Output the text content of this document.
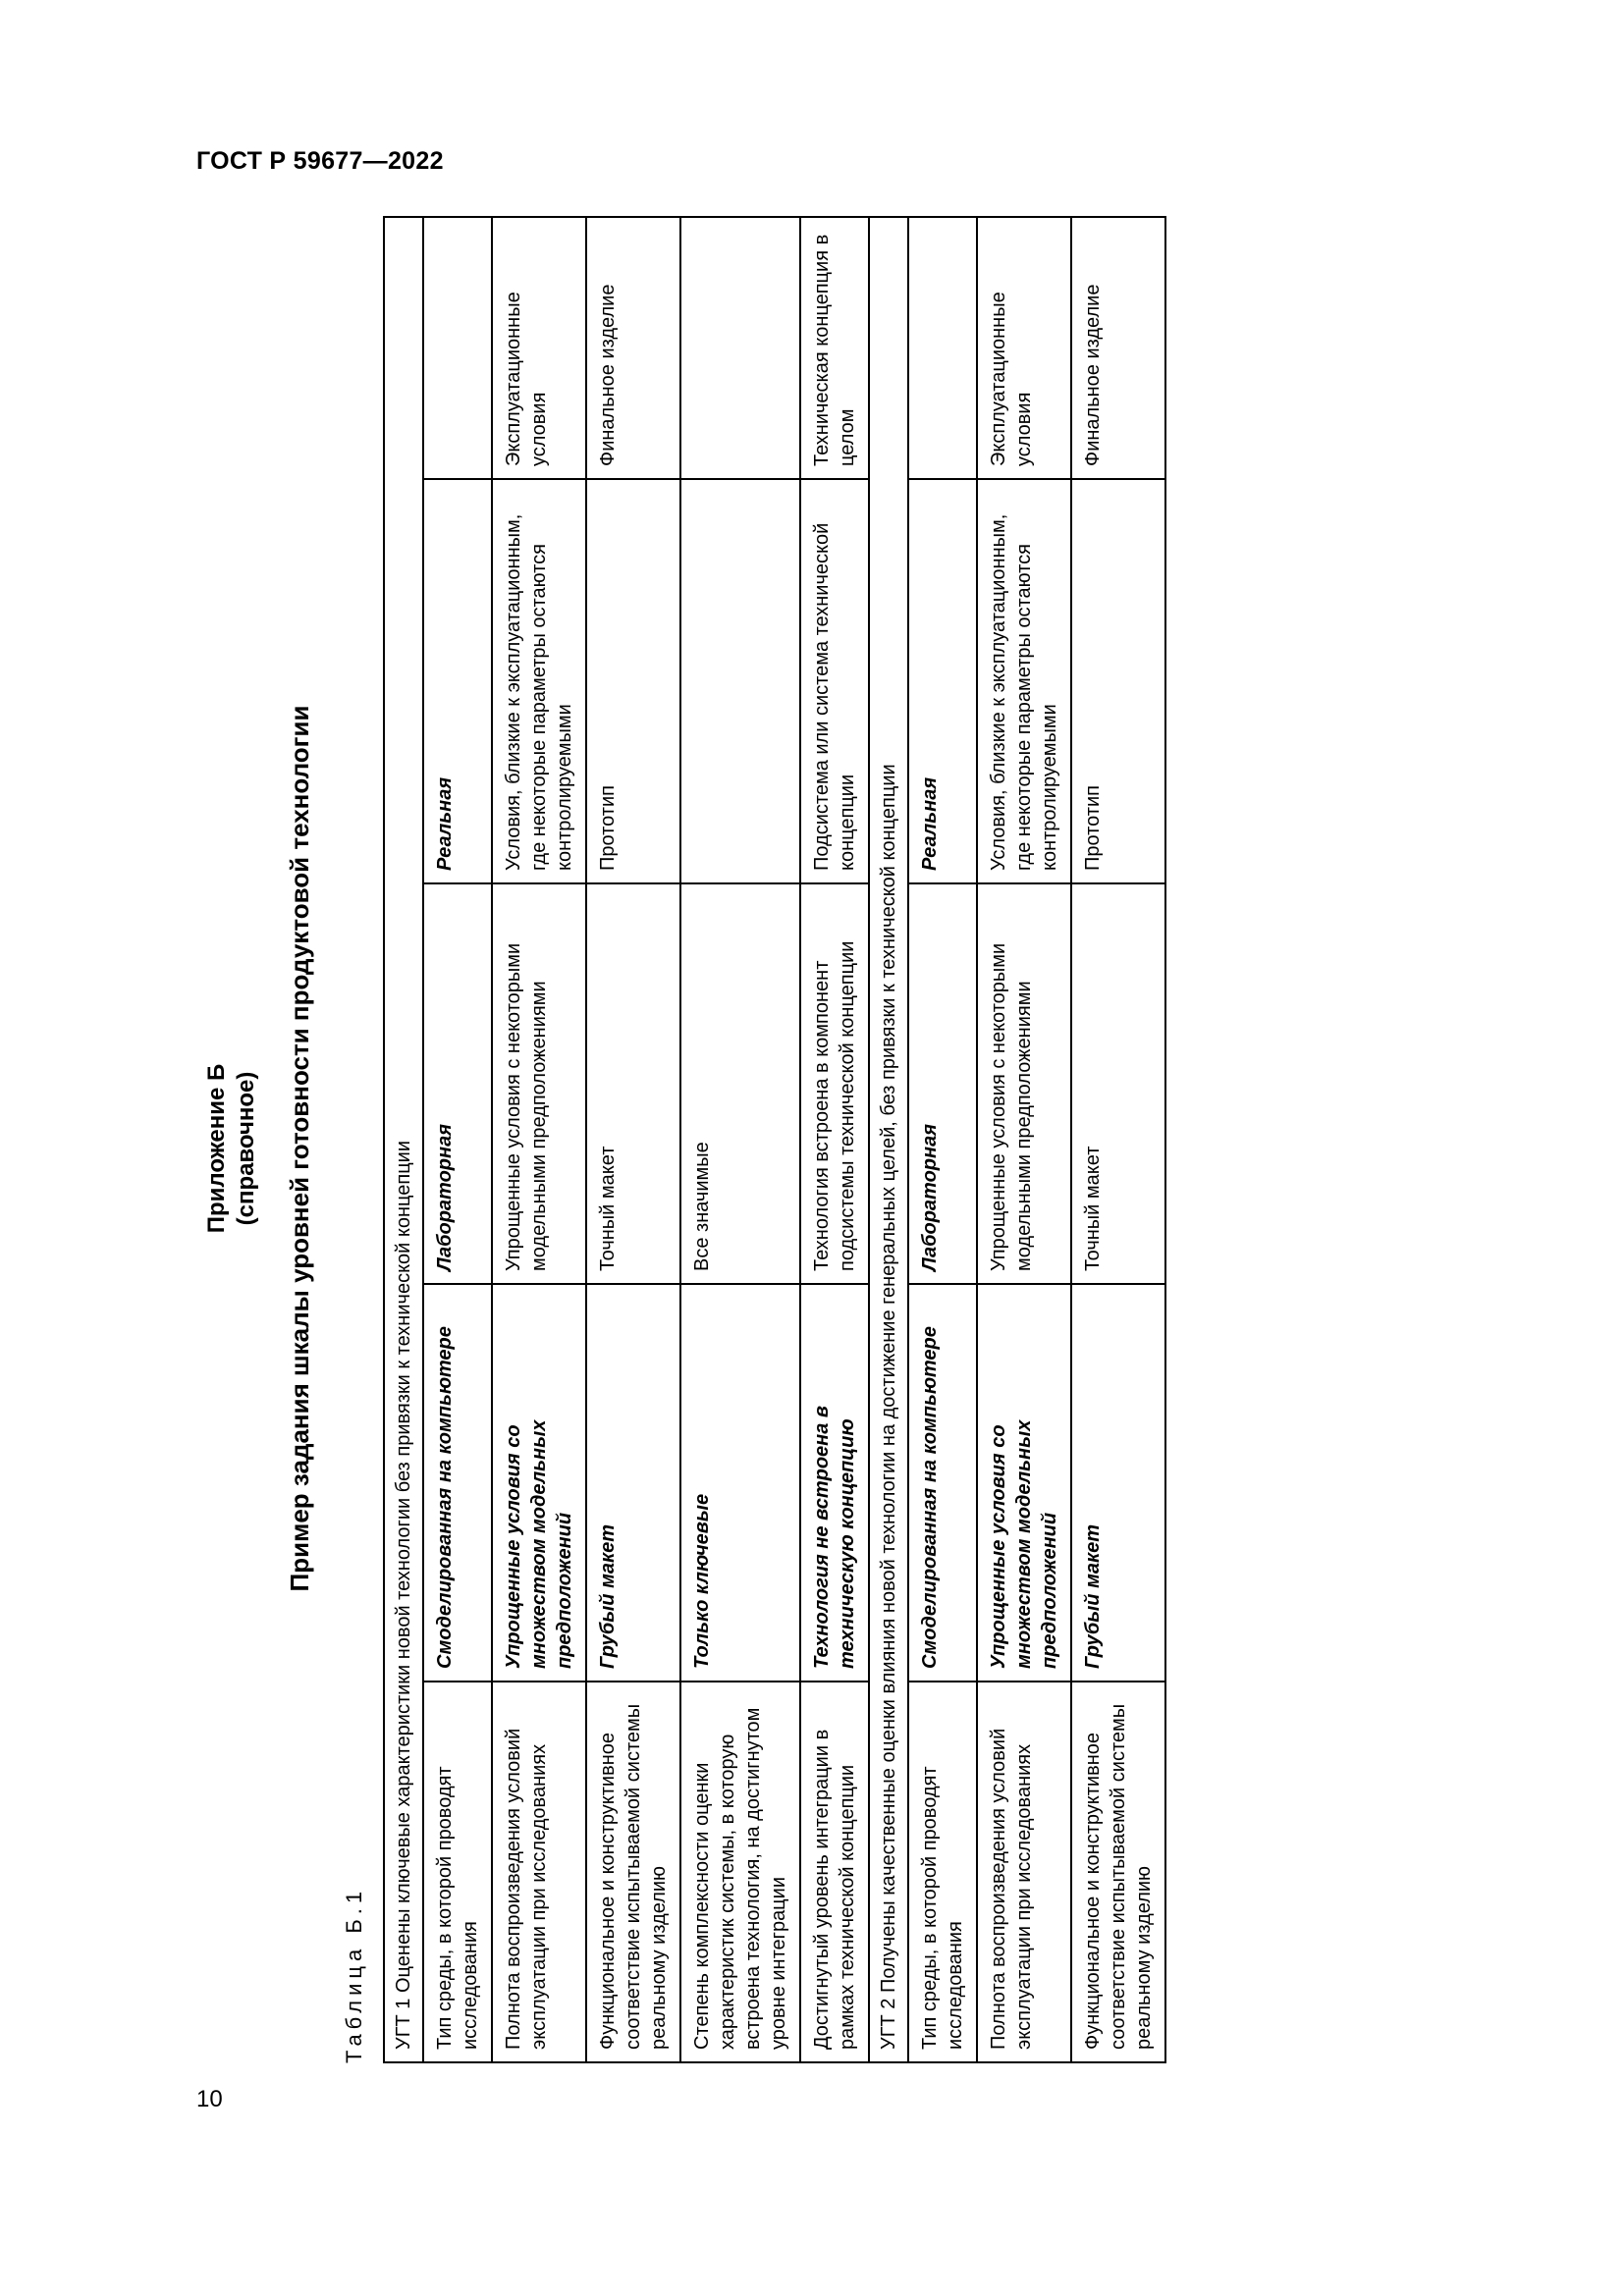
ГОСТ Р 59677—2022
Приложение Б (справочное) Пример задания шкалы уровней готовности продуктовой технологии
Таблица Б.1 УГТ 1 Оценены ключевые характеристики новой технологии без привязки к технической концепции				
Тип среды, в которой проводят исследования	Смоделированная на компьютере	Лабораторная	Реальная	
Полнота воспроизведения условий эксплуатации при исследованиях	Упрощенные условия со множеством модельных предположений	Упрощенные условия с некоторыми модельными предположениями	Условия, близкие к эксплуатационным, где некоторые параметры остаются контролируемыми	Эксплуатационные условия
Функциональное и конструктивное соответствие испытываемой системы реальному изделию	Грубый макет	Точный макет	Прототип	Финальное изделие
Степень комплексности оценки характеристик системы, в которую встроена технология, на достигнутом уровне интеграции	Только ключевые	Все значимые		
Достигнутый уровень интеграции в рамках технической концепции	Технология не встроена в техническую концепцию	Технология встроена в компонент подсистемы технической концепции	Подсистема или система технической концепции	Техническая концепция в целом
УГТ 2 Получены качественные оценки влияния новой технологии на достижение генеральных целей, без привязки к технической концепции				
Тип среды, в которой проводят исследования	Смоделированная на компьютере	Лабораторная	Реальная	
Полнота воспроизведения условий эксплуатации при исследованиях	Упрощенные условия со множеством модельных предположений	Упрощенные условия с некоторыми модельными предположениями	Условия, близкие к эксплуатационным, где некоторые параметры остаются контролируемыми	Эксплуатационные условия
Функциональное и конструктивное соответствие испытываемой системы реальному изделию	Грубый макет	Точный макет	Прототип	Финальное изделие
10
